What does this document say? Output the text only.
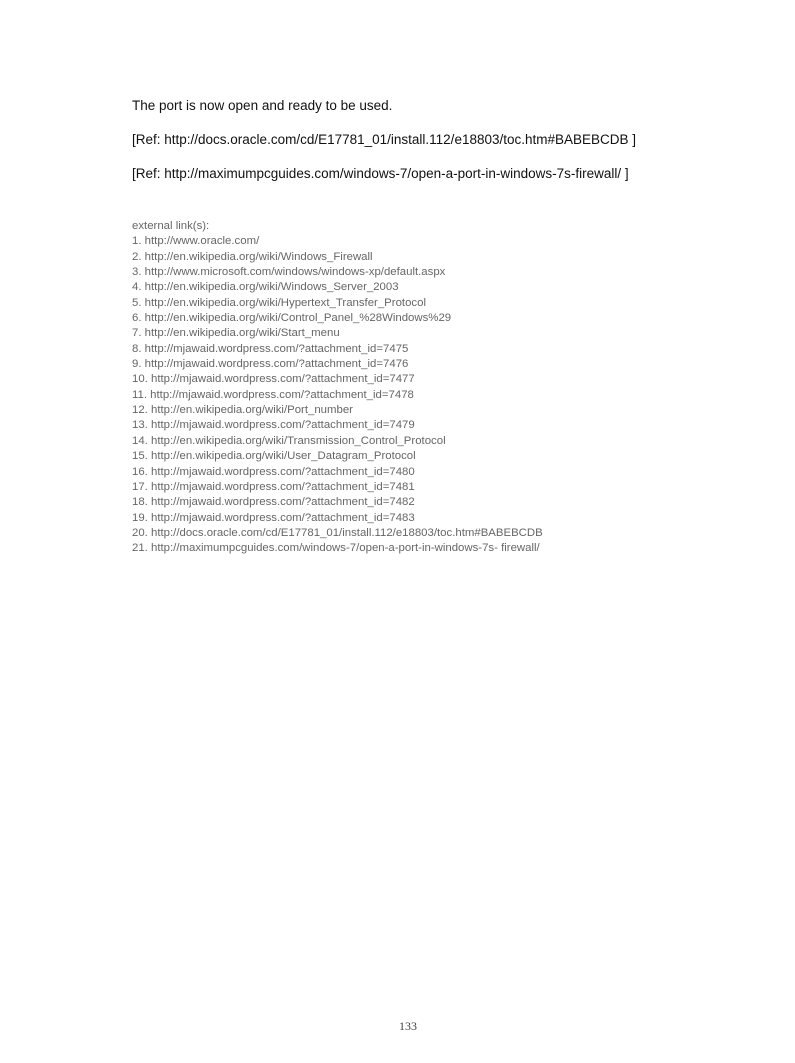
The port is now open and ready to be used.
[Ref: http://docs.oracle.com/cd/E17781_01/install.112/e18803/toc.htm#BABEBCDB ]
[Ref: http://maximumpcguides.com/windows-7/open-a-port-in-windows-7s-firewall/ ]
external link(s):
1. http://www.oracle.com/
2. http://en.wikipedia.org/wiki/Windows_Firewall
3. http://www.microsoft.com/windows/windows-xp/default.aspx
4. http://en.wikipedia.org/wiki/Windows_Server_2003
5. http://en.wikipedia.org/wiki/Hypertext_Transfer_Protocol
6. http://en.wikipedia.org/wiki/Control_Panel_%28Windows%29
7. http://en.wikipedia.org/wiki/Start_menu
8. http://mjawaid.wordpress.com/?attachment_id=7475
9. http://mjawaid.wordpress.com/?attachment_id=7476
10. http://mjawaid.wordpress.com/?attachment_id=7477
11. http://mjawaid.wordpress.com/?attachment_id=7478
12. http://en.wikipedia.org/wiki/Port_number
13. http://mjawaid.wordpress.com/?attachment_id=7479
14. http://en.wikipedia.org/wiki/Transmission_Control_Protocol
15. http://en.wikipedia.org/wiki/User_Datagram_Protocol
16. http://mjawaid.wordpress.com/?attachment_id=7480
17. http://mjawaid.wordpress.com/?attachment_id=7481
18. http://mjawaid.wordpress.com/?attachment_id=7482
19. http://mjawaid.wordpress.com/?attachment_id=7483
20. http://docs.oracle.com/cd/E17781_01/install.112/e18803/toc.htm#BABEBCDB
21. http://maximumpcguides.com/windows-7/open-a-port-in-windows-7s- firewall/
133
